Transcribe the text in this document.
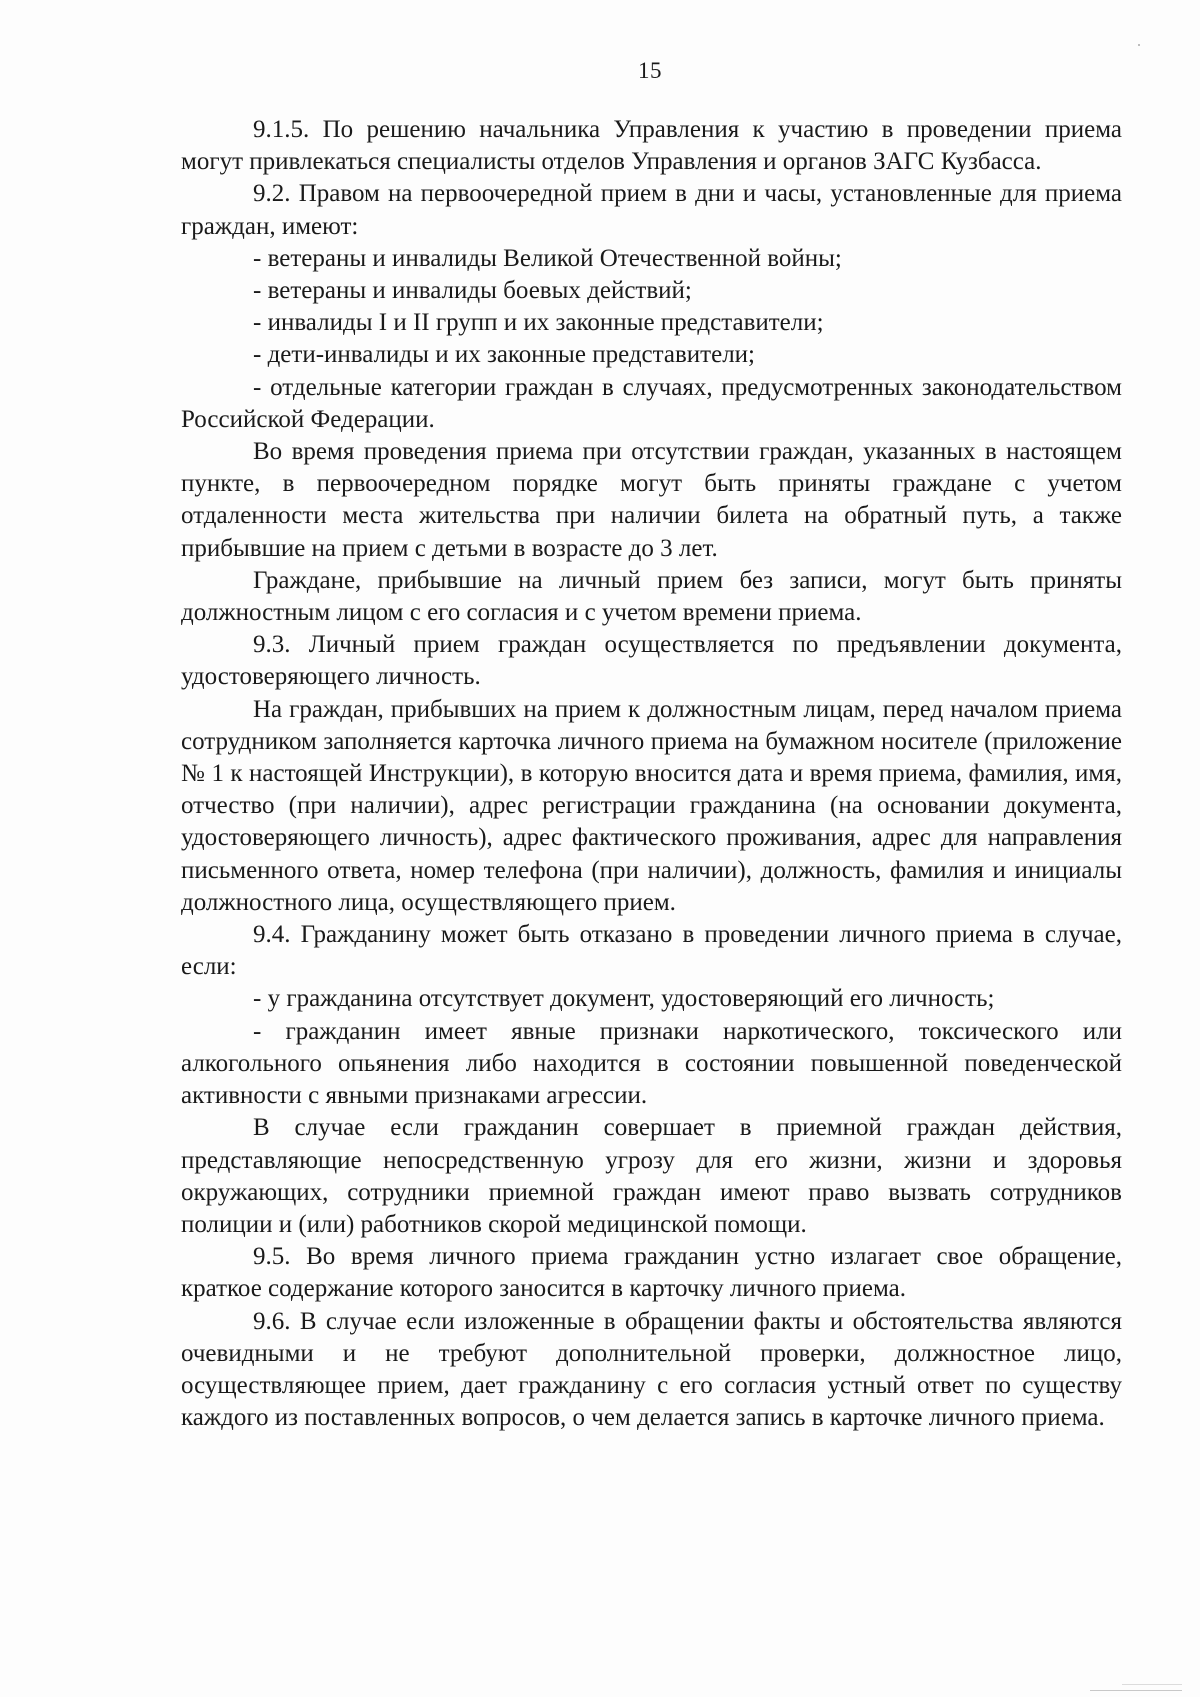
15

9.1.5. По решению начальника Управления к участию в проведении приема могут привлекаться специалисты отделов Управления и органов ЗАГС Кузбасса.

9.2. Правом на первоочередной прием в дни и часы, установленные для приема граждан, имеют:

- ветераны и инвалиды Великой Отечественной войны;

- ветераны и инвалиды боевых действий;

- инвалиды I и II групп и их законные представители;

- дети-инвалиды и их законные представители;

- отдельные категории граждан в случаях, предусмотренных законодательством Российской Федерации.

Во время проведения приема при отсутствии граждан, указанных в настоящем пункте, в первоочередном порядке могут быть приняты граждане с учетом отдаленности места жительства при наличии билета на обратный путь, а также прибывшие на прием с детьми в возрасте до 3 лет.

Граждане, прибывшие на личный прием без записи, могут быть приняты должностным лицом с его согласия и с учетом времени приема.

9.3. Личный прием граждан осуществляется по предъявлении документа, удостоверяющего личность.

На граждан, прибывших на прием к должностным лицам, перед началом приема сотрудником заполняется карточка личного приема на бумажном носителе (приложение № 1 к настоящей Инструкции), в которую вносится дата и время приема, фамилия, имя, отчество (при наличии), адрес регистрации гражданина (на основании документа, удостоверяющего личность), адрес фактического проживания, адрес для направления письменного ответа, номер телефона (при наличии), должность, фамилия и инициалы должностного лица, осуществляющего прием.

9.4. Гражданину может быть отказано в проведении личного приема в случае, если:

- у гражданина отсутствует документ, удостоверяющий его личность;

- гражданин имеет явные признаки наркотического, токсического или алкогольного опьянения либо находится в состоянии повышенной поведенческой активности с явными признаками агрессии.

В случае если гражданин совершает в приемной граждан действия, представляющие непосредственную угрозу для его жизни, жизни и здоровья окружающих, сотрудники приемной граждан имеют право вызвать сотрудников полиции и (или) работников скорой медицинской помощи.

9.5. Во время личного приема гражданин устно излагает свое обращение, краткое содержание которого заносится в карточку личного приема.

9.6. В случае если изложенные в обращении факты и обстоятельства являются очевидными и не требуют дополнительной проверки, должностное лицо, осуществляющее прием, дает гражданину с его согласия устный ответ по существу каждого из поставленных вопросов, о чем делается запись в карточке личного приема.
